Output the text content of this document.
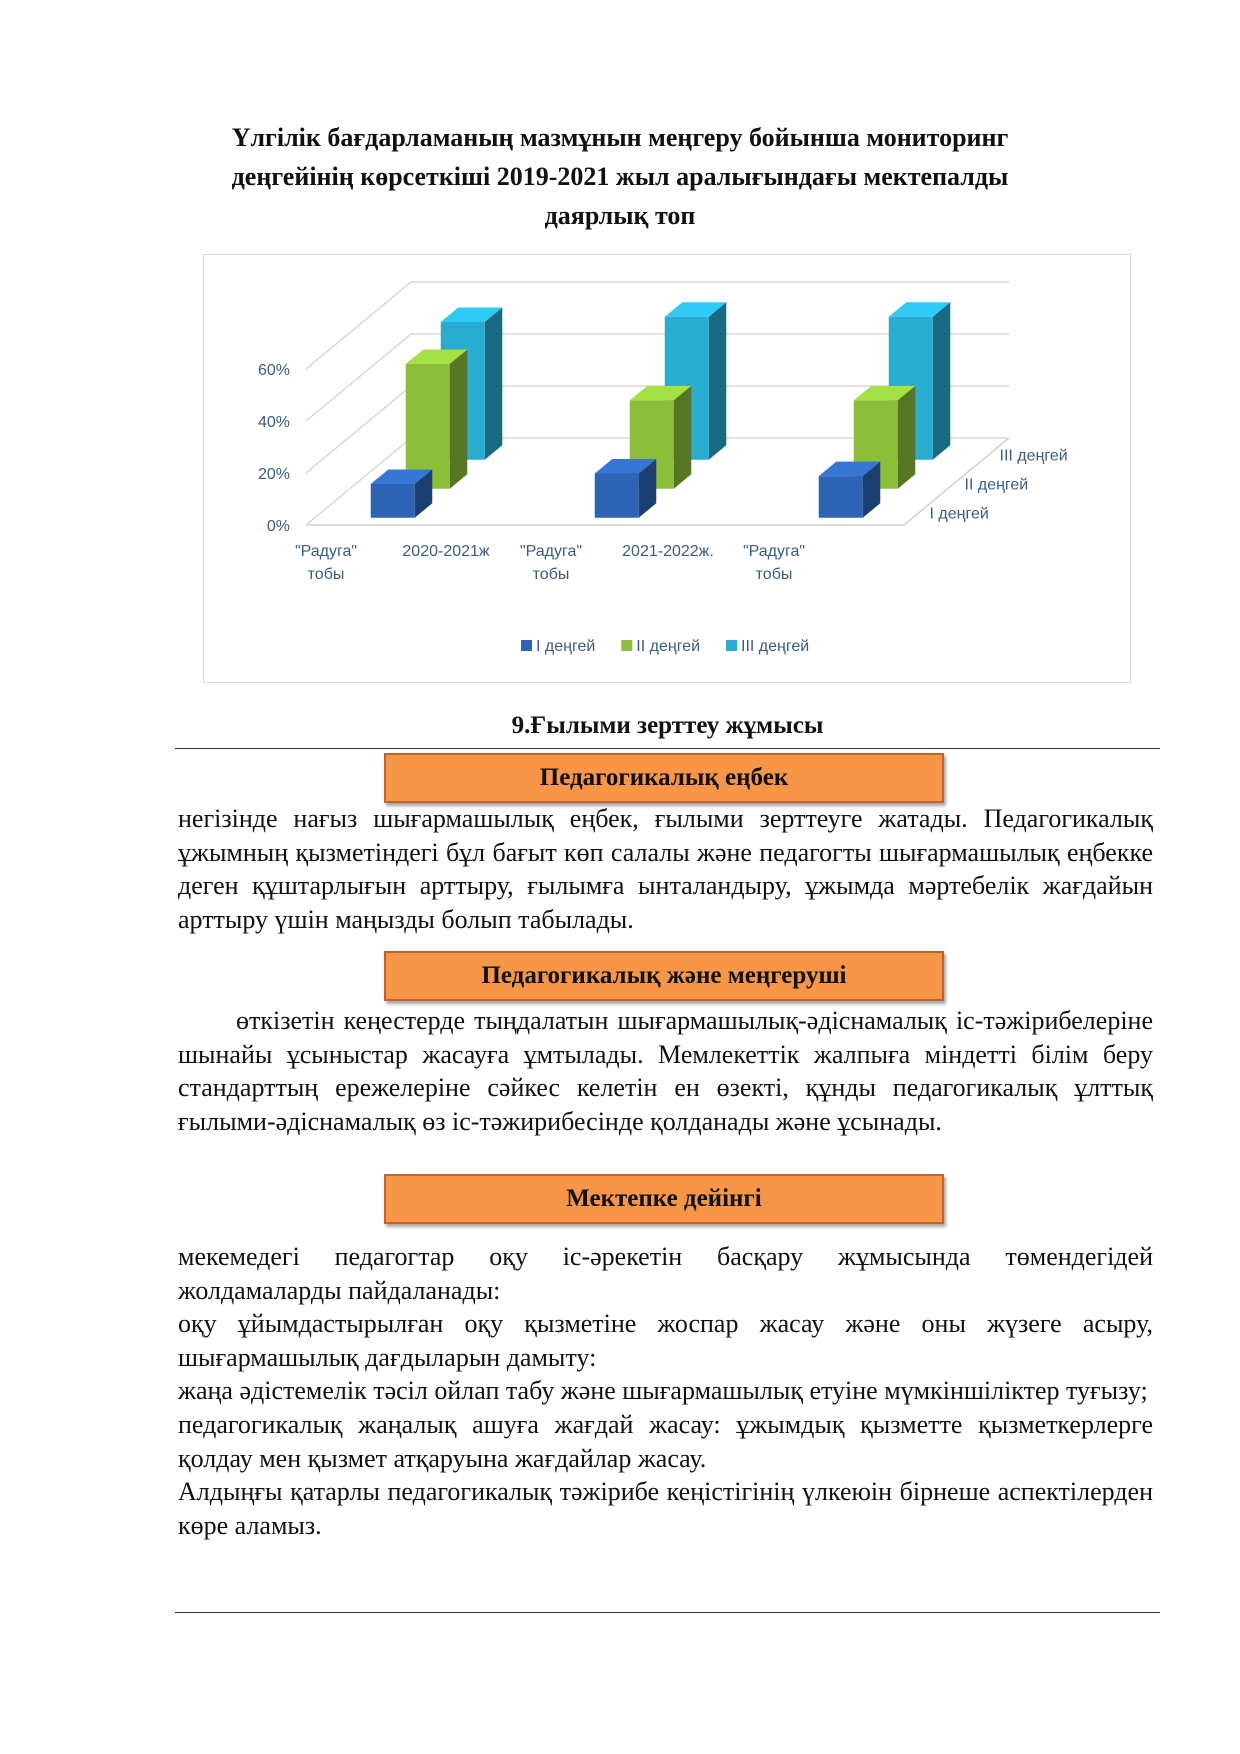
Үлгілік бағдарламаның мазмұнын меңгеру бойынша мониторинг деңгейінің көрсеткіші 2019-2021 жыл аралығындағы мектепалды даярлық топ
0%
20%
40%
60%
I деңгей
II деңгей
III деңгей
"Радуга"
тобы
2020-2021ж "Радуга"
тобы
2021-2022ж. "Радуга"
тобы
I деңгей	II деңгей	III деңгей
9.Ғылыми зерттеу жұмысы
Педагогикалық еңбек

негізінде нағыз шығармашылық еңбек, ғылыми зерттеуге жатады. Педагогикалық ұжымның қызметіндегі бұл бағыт көп салалы және педагогты шығармашылық еңбекке деген құштарлығын арттыру, ғылымға ынталандыру, ұжымда мәртебелік жағдайын арттыру үшін маңызды болып табылады.

Педагогикалық және меңгеруші

өткізетін кеңестерде тыңдалатын шығармашылық-әдіснамалық іс-тәжірибелеріне шынайы ұсыныстар жасауға ұмтылады. Мемлекеттік жалпыға міндетті білім беру стандарттың ережелеріне сәйкес келетін ен өзекті, құнды педагогикалық ұлттық ғылыми-әдіснамалық өз іс-тәжирибесінде қолданады және ұсынады.

Мектепке дейінгі

мекемедегі педагогтар оқу іс-әрекетін басқару жұмысында төмендегідей жолдамаларды пайдаланады:

оқу ұйымдастырылған оқу қызметіне жоспар жасау және оны жүзеге асыру, шығармашылық дағдыларын дамыту:

жаңа әдістемелік тәсіл ойлап табу және шығармашылық етуіне мүмкіншіліктер туғызу;

педагогикалық жаңалық ашуға жағдай жасау: ұжымдық қызметте қызметкерлерге қолдау мен қызмет атқаруына жағдайлар жасау.

Алдыңғы қатарлы педагогикалық тәжірибе кеңістігінің үлкеюін бірнеше аспектілерден көре аламыз.
